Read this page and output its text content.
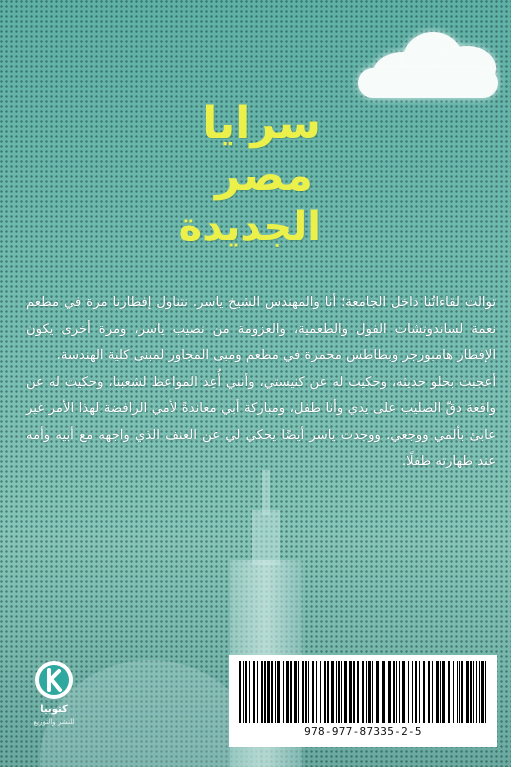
سرايا
مصر
الجديدة

توالت لقاءاتُنا داخل الجامعة؛ أنا والمهندس الشيخ ياسر. نتناول إفطارنا مرة في مطعم نعمة لساندوتشات الفول والطعمية، والعزومة من نصيب ياسر، ومرة أخرى يكون الإفطار هامبورجر وبطاطس محمرة في مطعم ومبى المجاور لمبنى كلية الهندسة.

أعجبت بحلو حديثه، وحكيت له عن كنيستي، وأنني أُعِد المواعظ لشعبنا، وحكيت له عن واقعة دقّ الصليب على يدي وأنا طفل، ومباركة أبي معاندةً لأمي الرافضة لهذا الأمر غير عابئ بألمي ووجعي. ووجدت ياسر أيضًا يحكي لي عن العنف الذي واجهه مع أبيه وأمه عند طهارته طفلًا.

كتوبيا
للنشر والتوزيع
978-977-87335-2-5
